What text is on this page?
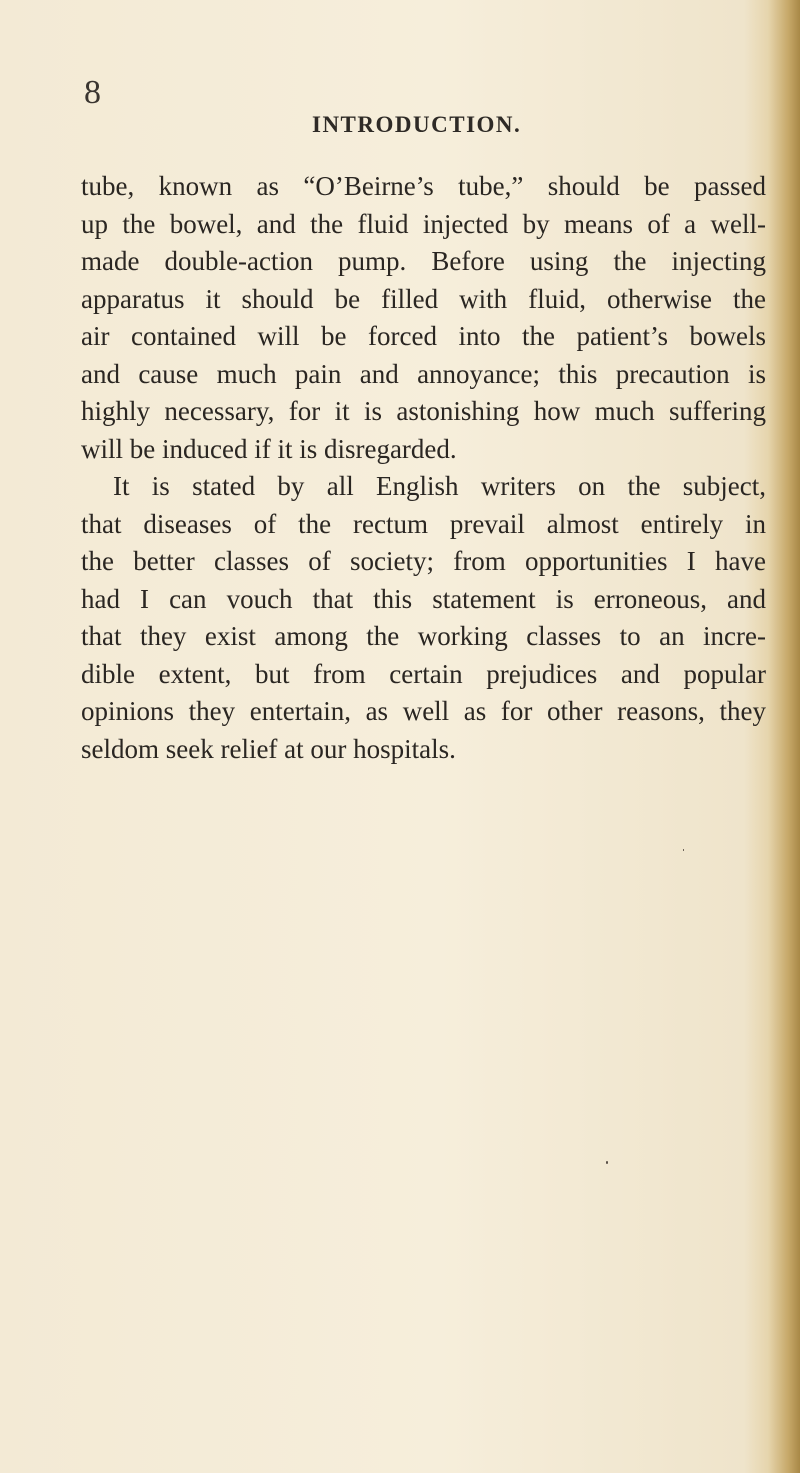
8
INTRODUCTION.
tube, known as “O’Beirne’s tube,” should be passed
up the bowel, and the fluid injected by means of a well-
made double-action pump. Before using the injecting
apparatus it should be filled with fluid, otherwise the
air contained will be forced into the patient’s bowels
and cause much pain and annoyance; this precaution is
highly necessary, for it is astonishing how much suffering
will be induced if it is disregarded.
It is stated by all English writers on the subject,
that diseases of the rectum prevail almost entirely in
the better classes of society; from opportunities I have
had I can vouch that this statement is erroneous, and
that they exist among the working classes to an incre-
dible extent, but from certain prejudices and popular
opinions they entertain, as well as for other reasons, they
seldom seek relief at our hospitals.
